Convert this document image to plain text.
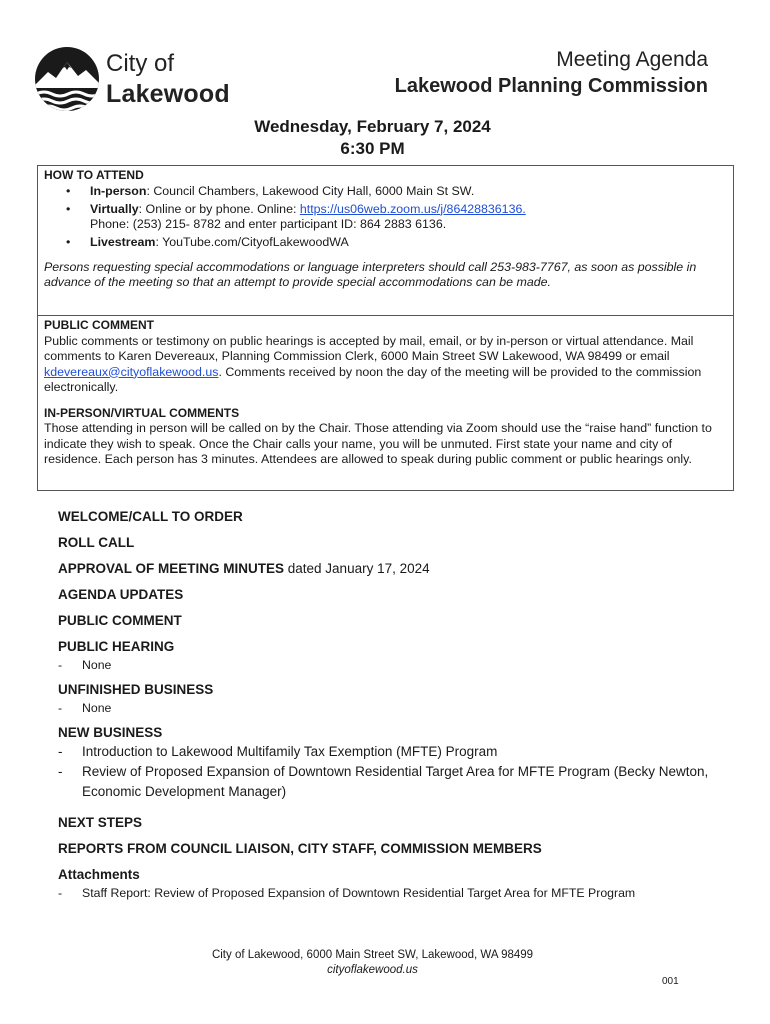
City of
Lakewood
Meeting Agenda
Lakewood Planning Commission
Wednesday, February 7, 2024
6:30 PM
HOW TO ATTEND
• In-person: Council Chambers, Lakewood City Hall, 6000 Main St SW.
• Virtually: Online or by phone. Online: https://us06web.zoom.us/j/86428836136.
Phone: (253) 215- 8782 and enter participant ID: 864 2883 6136.
• Livestream: YouTube.com/CityofLakewoodWA
Persons requesting special accommodations or language interpreters should call 253-983-7767, as soon as possible in advance of the meeting so that an attempt to provide special accommodations can be made.
PUBLIC COMMENT

Public comments or testimony on public hearings is accepted by mail, email, or by in-person or virtual attendance. Mail comments to Karen Devereaux, Planning Commission Clerk, 6000 Main Street SW Lakewood, WA 98499 or email kdevereaux@cityoflakewood.us. Comments received by noon the day of the meeting will be provided to the commission electronically.

IN-PERSON/VIRTUAL COMMENTS

Those attending in person will be called on by the Chair. Those attending via Zoom should use the “raise hand” function to indicate they wish to speak. Once the Chair calls your name, you will be unmuted. First state your name and city of residence. Each person has 3 minutes. Attendees are allowed to speak during public comment or public hearings only.

WELCOME/CALL TO ORDER
ROLL CALL
APPROVAL OF MEETING MINUTES dated January 17, 2024
AGENDA UPDATES
PUBLIC COMMENT
PUBLIC HEARING
- None
UNFINISHED BUSINESS
- None
NEW BUSINESS
- Introduction to Lakewood Multifamily Tax Exemption (MFTE) Program
- Review of Proposed Expansion of Downtown Residential Target Area for MFTE Program (Becky Newton, Economic Development Manager)
NEXT STEPS
REPORTS FROM COUNCIL LIAISON, CITY STAFF, COMMISSION MEMBERS
Attachments
- Staff Report: Review of Proposed Expansion of Downtown Residential Target Area for MFTE Program
City of Lakewood, 6000 Main Street SW, Lakewood, WA 98499
cityoflakewood.us
001
